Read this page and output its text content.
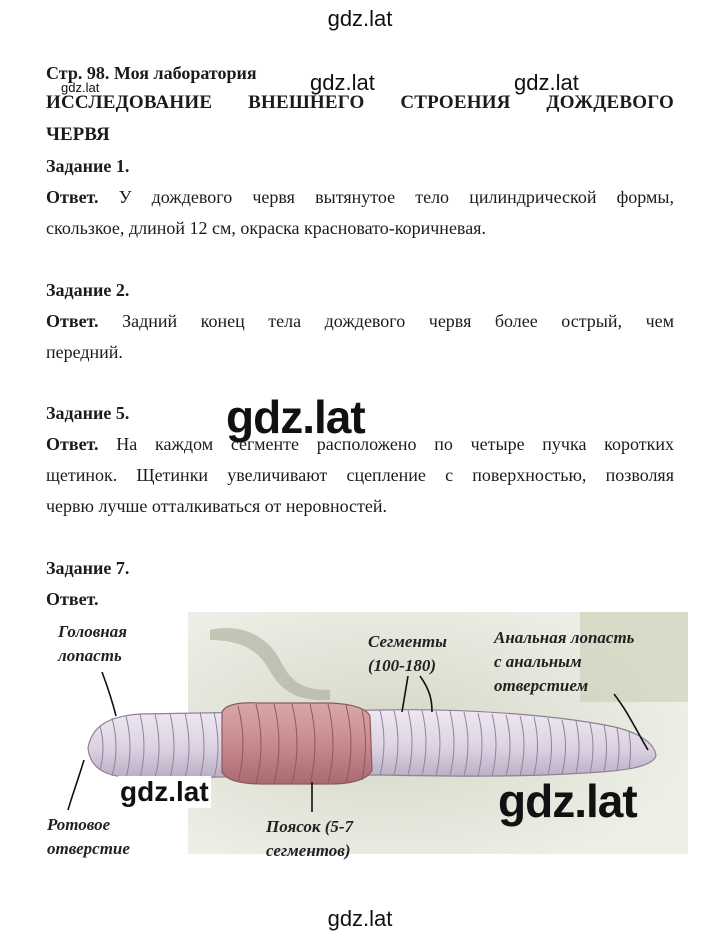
gdz.lat
gdz.lat	gdz.lat	gdz.lat
Стр. 98. Моя лаборатория
ИССЛЕДОВАНИЕ ВНЕШНЕГО СТРОЕНИЯ ДОЖДЕВОГО
ЧЕРВЯ
Задание 1.
Ответ. У дождевого червя вытянутое тело цилиндрической формы,
скользкое, длиной 12 см, окраска красновато-коричневая.
Задание 2.
Ответ. Задний конец тела дождевого червя более острый, чем
передний.
Задание 5.
Ответ. На каждом сегменте расположено по четыре пучка коротких
щетинок. Щетинки увеличивают сцепление с поверхностью, позволяя
червю лучше отталкиваться от неровностей.
gdz.lat
Задание 7.
Ответ.
Головная
лопасть
Сегменты
(100-180)
Анальная лопасть
с анальным
отверстием
Ротовое
отверстие
Поясок (5-7
сегментов)
gdz.lat	gdz.lat
gdz.lat
